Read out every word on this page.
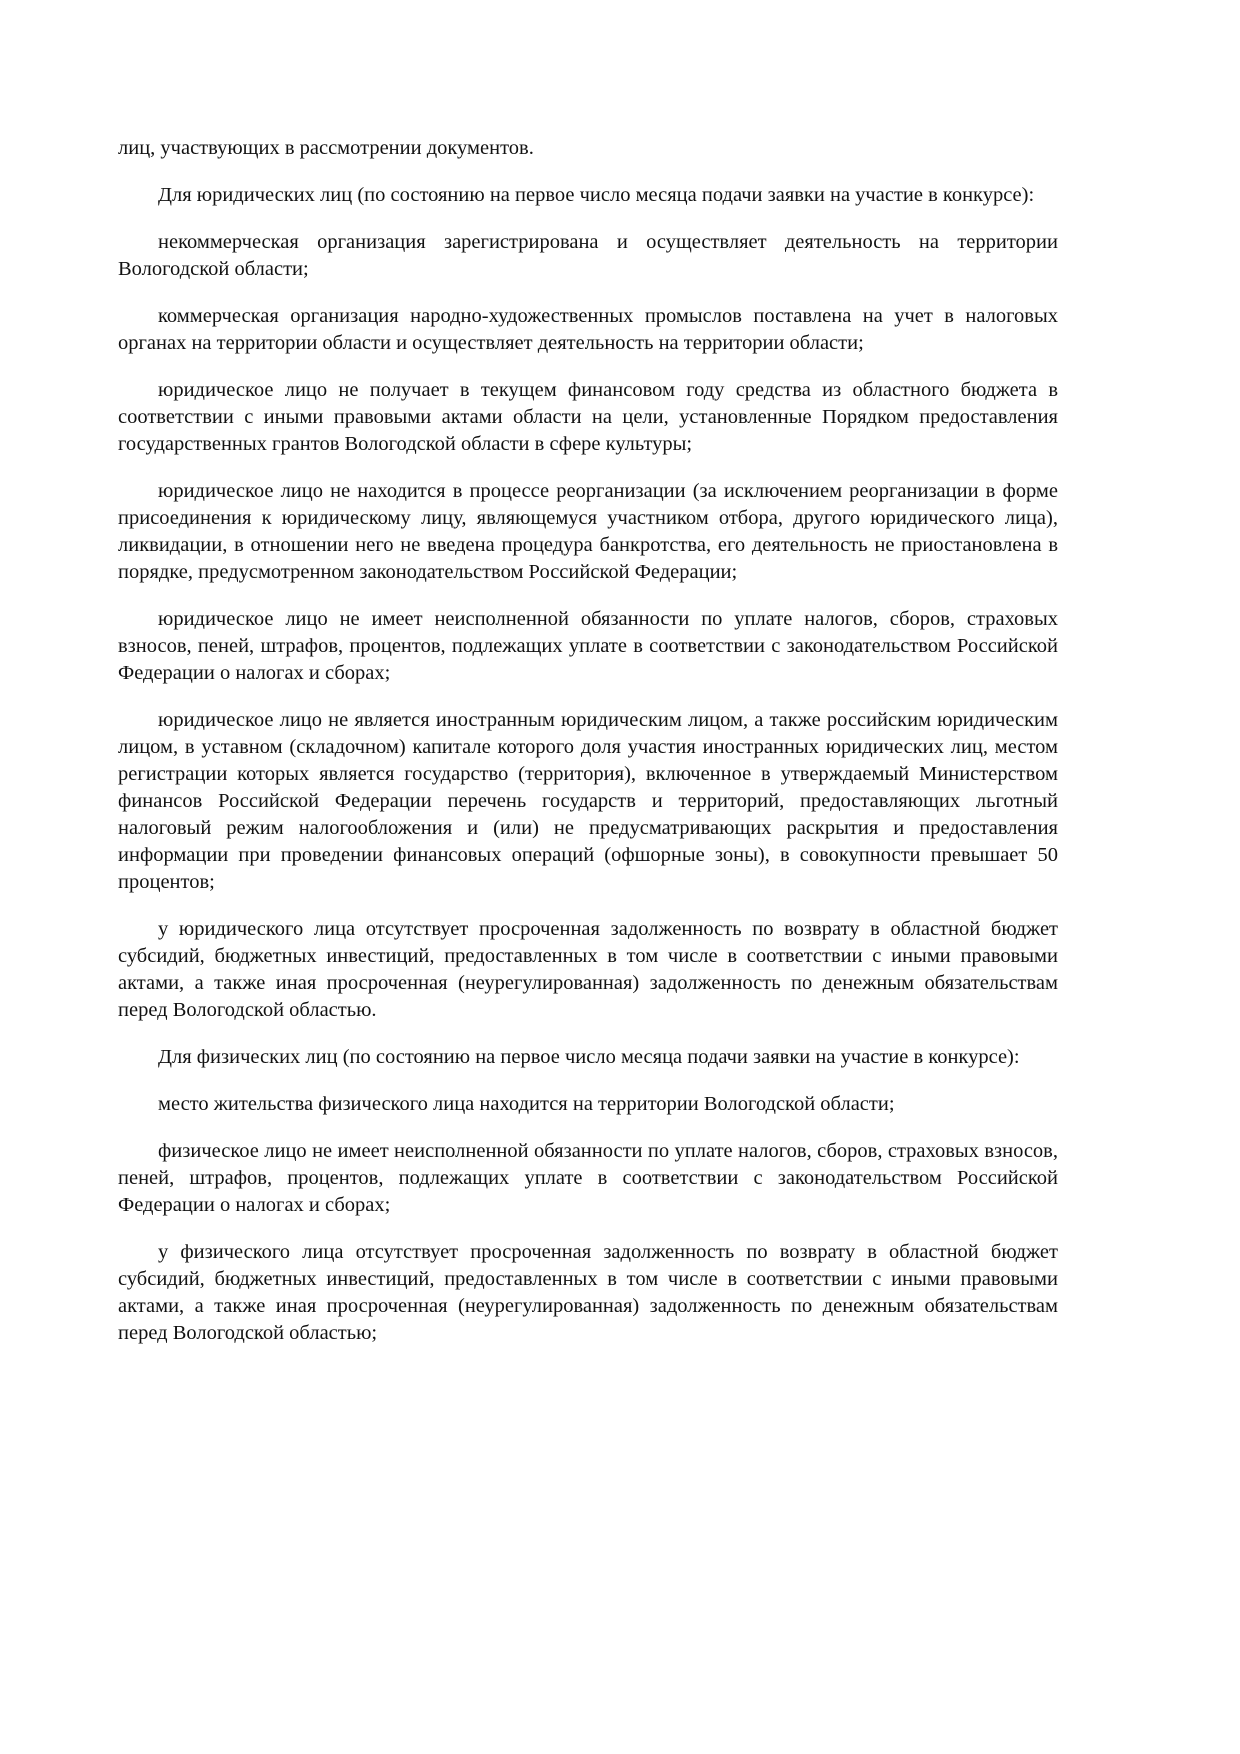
лиц, участвующих в рассмотрении документов.

Для юридических лиц (по состоянию на первое число месяца подачи заявки на участие в конкурсе):

некоммерческая организация зарегистрирована и осуществляет деятельность на территории Вологодской области;

коммерческая организация народно-художественных промыслов поставлена на учет в налоговых органах на территории области и осуществляет деятельность на территории области;

юридическое лицо не получает в текущем финансовом году средства из областного бюджета в соответствии с иными правовыми актами области на цели, установленные Порядком предоставления государственных грантов Вологодской области в сфере культуры;

юридическое лицо не находится в процессе реорганизации (за исключением реорганизации в форме присоединения к юридическому лицу, являющемуся участником отбора, другого юридического лица), ликвидации, в отношении него не введена процедура банкротства, его деятельность не приостановлена в порядке, предусмотренном законодательством Российской Федерации;

юридическое лицо не имеет неисполненной обязанности по уплате налогов, сборов, страховых взносов, пеней, штрафов, процентов, подлежащих уплате в соответствии с законодательством Российской Федерации о налогах и сборах;

юридическое лицо не является иностранным юридическим лицом, а также российским юридическим лицом, в уставном (складочном) капитале которого доля участия иностранных юридических лиц, местом регистрации которых является государство (территория), включенное в утверждаемый Министерством финансов Российской Федерации перечень государств и территорий, предоставляющих льготный налоговый режим налогообложения и (или) не предусматривающих раскрытия и предоставления информации при проведении финансовых операций (офшорные зоны), в совокупности превышает 50 процентов;

у юридического лица отсутствует просроченная задолженность по возврату в областной бюджет субсидий, бюджетных инвестиций, предоставленных в том числе в соответствии с иными правовыми актами, а также иная просроченная (неурегулированная) задолженность по денежным обязательствам перед Вологодской областью.

Для физических лиц (по состоянию на первое число месяца подачи заявки на участие в конкурсе):

место жительства физического лица находится на территории Вологодской области;

физическое лицо не имеет неисполненной обязанности по уплате налогов, сборов, страховых взносов, пеней, штрафов, процентов, подлежащих уплате в соответствии с законодательством Российской Федерации о налогах и сборах;

у физического лица отсутствует просроченная задолженность по возврату в областной бюджет субсидий, бюджетных инвестиций, предоставленных в том числе в соответствии с иными правовыми актами, а также иная просроченная (неурегулированная) задолженность по денежным обязательствам перед Вологодской областью;
